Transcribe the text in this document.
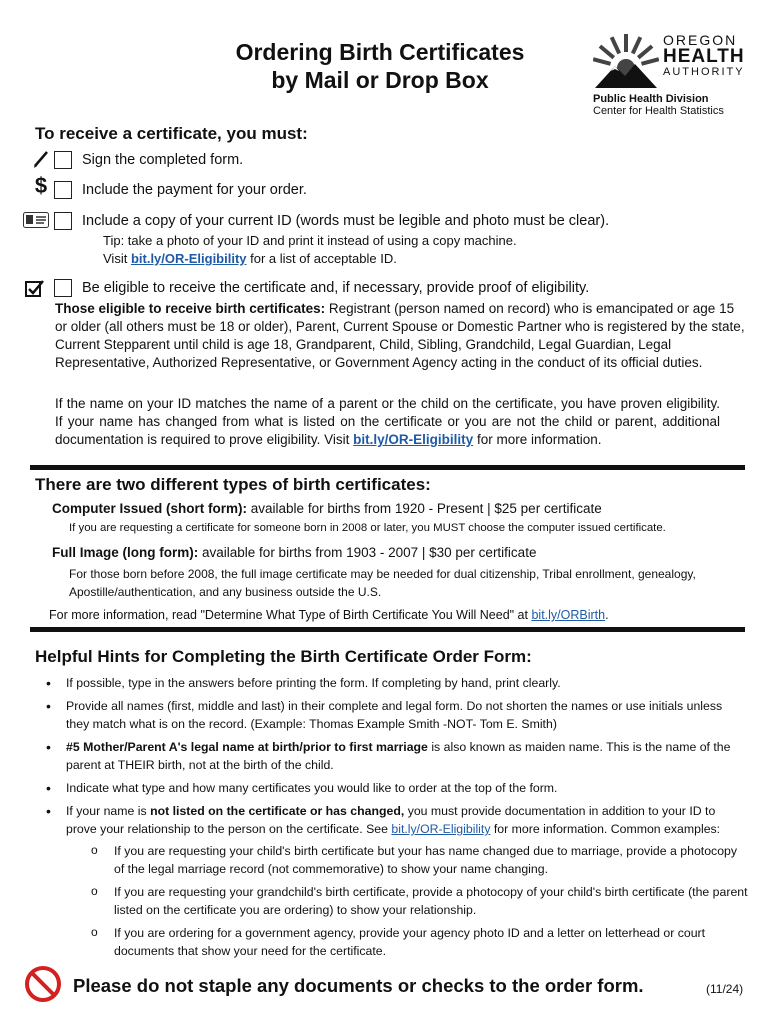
Ordering Birth Certificates
by Mail or Drop Box
OREGON
HEALTH
AUTHORITY
Public Health Division
Center for Health Statistics
To receive a certificate, you must:
Sign the completed form.
$	Include the payment for your order.
Include a copy of your current ID (words must be legible and photo must be clear).
Tip: take a photo of your ID and print it instead of using a copy machine.
Visit bit.ly/OR-Eligibility for a list of acceptable ID.
Be eligible to receive the certificate and, if necessary, provide proof of eligibility.
Those eligible to receive birth certificates: Registrant (person named on record) who is emancipated or age 15 or older (all others must be 18 or older), Parent, Current Spouse or Domestic Partner who is registered by the state, Current Stepparent until child is age 18, Grandparent, Child, Sibling, Grandchild, Legal Guardian, Legal Representative, Authorized Representative, or Government Agency acting in the conduct of its official duties.
If the name on your ID matches the name of a parent or the child on the certificate, you have proven eligibility. If your name has changed from what is listed on the certificate or you are not the child or parent, additional documentation is required to prove eligibility. Visit bit.ly/OR-Eligibility for more information.
There are two different types of birth certificates:
Computer Issued (short form): available for births from 1920 - Present | $25 per certificate
If you are requesting a certificate for someone born in 2008 or later, you MUST choose the computer issued certificate.
Full Image (long form): available for births from 1903 - 2007 | $30 per certificate
For those born before 2008, the full image certificate may be needed for dual citizenship, Tribal enrollment, genealogy, Apostille/authentication, and any business outside the U.S.
For more information, read "Determine What Type of Birth Certificate You Will Need" at bit.ly/ORBirth.
Helpful Hints for Completing the Birth Certificate Order Form:
• If possible, type in the answers before printing the form. If completing by hand, print clearly.
• Provide all names (first, middle and last) in their complete and legal form. Do not shorten the names or use initials unless they match what is on the record. (Example: Thomas Example Smith -NOT- Tom E. Smith)
• #5 Mother/Parent A's legal name at birth/prior to first marriage is also known as maiden name. This is the name of the parent at THEIR birth, not at the birth of the child.
• Indicate what type and how many certificates you would like to order at the top of the form.
• If your name is not listed on the certificate or has changed, you must provide documentation in addition to your ID to prove your relationship to the person on the certificate. See bit.ly/OR-Eligibility for more information. Common examples:
o If you are requesting your child's birth certificate but your has name changed due to marriage, provide a photocopy of the legal marriage record (not commemorative) to show your name changing.
o If you are requesting your grandchild's birth certificate, provide a photocopy of your child's birth certificate (the parent listed on the certificate you are ordering) to show your relationship.
o If you are ordering for a government agency, provide your agency photo ID and a letter on letterhead or court documents that show your need for the certificate.
Please do not staple any documents or checks to the order form.	(11/24)
